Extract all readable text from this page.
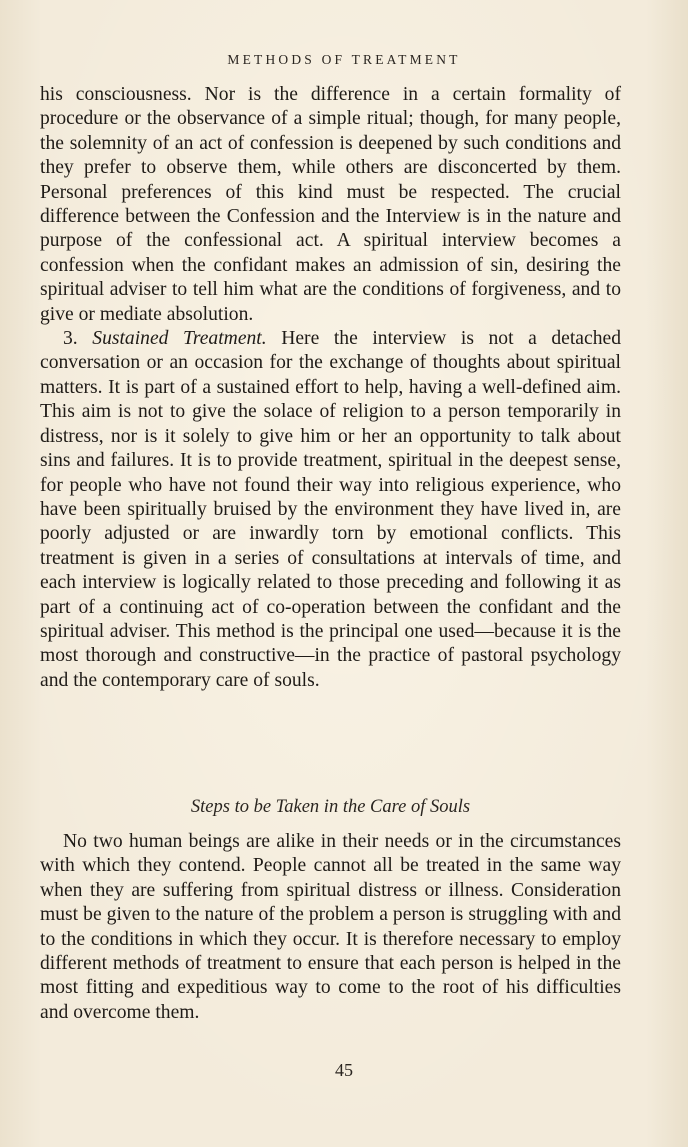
METHODS OF TREATMENT

his consciousness. Nor is the difference in a certain formality of procedure or the observance of a simple ritual; though, for many people, the solemnity of an act of confession is deepened by such conditions and they prefer to observe them, while others are disconcerted by them. Personal preferences of this kind must be respected. The crucial difference between the Confession and the Interview is in the nature and purpose of the confessional act. A spiritual interview becomes a confession when the confidant makes an admission of sin, desiring the spiritual adviser to tell him what are the conditions of forgiveness, and to give or mediate absolution.

3. Sustained Treatment. Here the interview is not a detached conversation or an occasion for the exchange of thoughts about spiritual matters. It is part of a sustained effort to help, having a well-defined aim. This aim is not to give the solace of religion to a person temporarily in distress, nor is it solely to give him or her an opportunity to talk about sins and failures. It is to provide treatment, spiritual in the deepest sense, for people who have not found their way into religious experience, who have been spiritually bruised by the environment they have lived in, are poorly adjusted or are inwardly torn by emotional conflicts. This treatment is given in a series of consultations at intervals of time, and each interview is logically related to those preceding and following it as part of a continuing act of co-operation between the confidant and the spiritual adviser. This method is the principal one used—because it is the most thorough and constructive—in the practice of pastoral psychology and the contemporary care of souls.

Steps to be Taken in the Care of Souls

No two human beings are alike in their needs or in the circumstances with which they contend. People cannot all be treated in the same way when they are suffering from spiritual distress or illness. Consideration must be given to the nature of the problem a person is struggling with and to the conditions in which they occur. It is therefore necessary to employ different methods of treatment to ensure that each person is helped in the most fitting and expeditious way to come to the root of his difficulties and overcome them.

45
